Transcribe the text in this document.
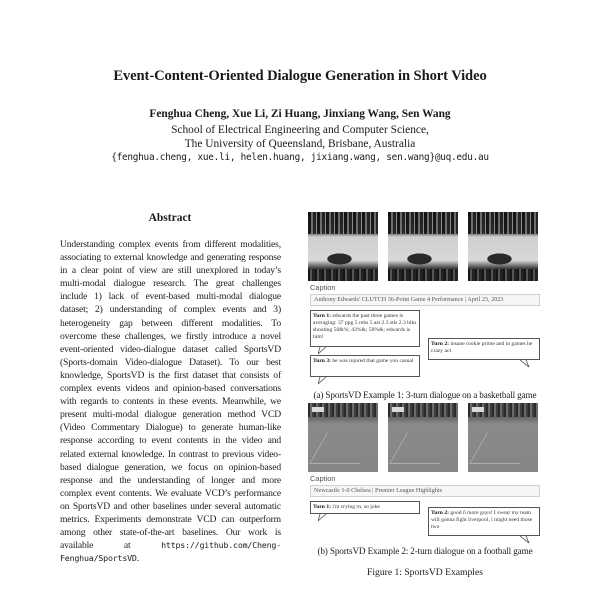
Event-Content-Oriented Dialogue Generation in Short Video
Fenghua Cheng, Xue Li, Zi Huang, Jinxiang Wang, Sen Wang
School of Electrical Engineering and Computer Science,
The University of Queensland, Brisbane, Australia
{fenghua.cheng, xue.li, helen.huang, jixiang.wang, sen.wang}@uq.edu.au
Abstract
Understanding complex events from different modalities, associating to external knowledge and generating response in a clear point of view are still unexplored in today’s multi-modal dialogue research. The great challenges include 1) lack of event-based multi-modal dialogue dataset; 2) understanding of complex events and 3) heterogeneity gap between different modalities. To overcome these challenges, we firstly introduce a novel event-oriented video-dialogue dataset called SportsVD (Sports-domain Video-dialogue Dataset). To our best knowledge, SportsVD is the first dataset that consists of complex events videos and opinion-based conversations with regards to contents in these events. Meanwhile, we present multi-modal dialogue generation method VCD (Video Commentary Dialogue) to generate human-like response according to event contents in the video and related external knowledge. In contrast to previous video-based dialogue generation, we focus on opinion-based response and the understanding of longer and more complex event contents. We evaluate VCD’s performance on SportsVD and other baselines under several automatic metrics. Experiments demonstrate VCD can outperform among other state-of-the-art baselines. Our work is available at https://github.com/Cheng-Fenghua/SportsVD.
Caption
Anthony Edwards' CLUTCH 36-Point Game 4 Performance | April 23, 2023
Turn 1: edwards the past three games is averaging: 37 ppg 5 rebs 5 ast 2.3 stls 2.3 blks shooting 50&%; 43%&; 50%&; edwards is him!
Turn 3: he was injured that game you casual
Turn 2: insane rookie prime and in games he crazy act
(a) SportsVD Example 1: 3-turn dialogue on a basketball game
Caption
Newcastle 1-0 Chelsea | Premier League Highlights
Turn 1: i'm crying rn, so joke
Turn 2: good ñ more guys! I swear my team will gonna fight liverpool, i might need those two
(b) SportsVD Example 2: 2-turn dialogue on a football game
Figure 1: SportsVD Examples
